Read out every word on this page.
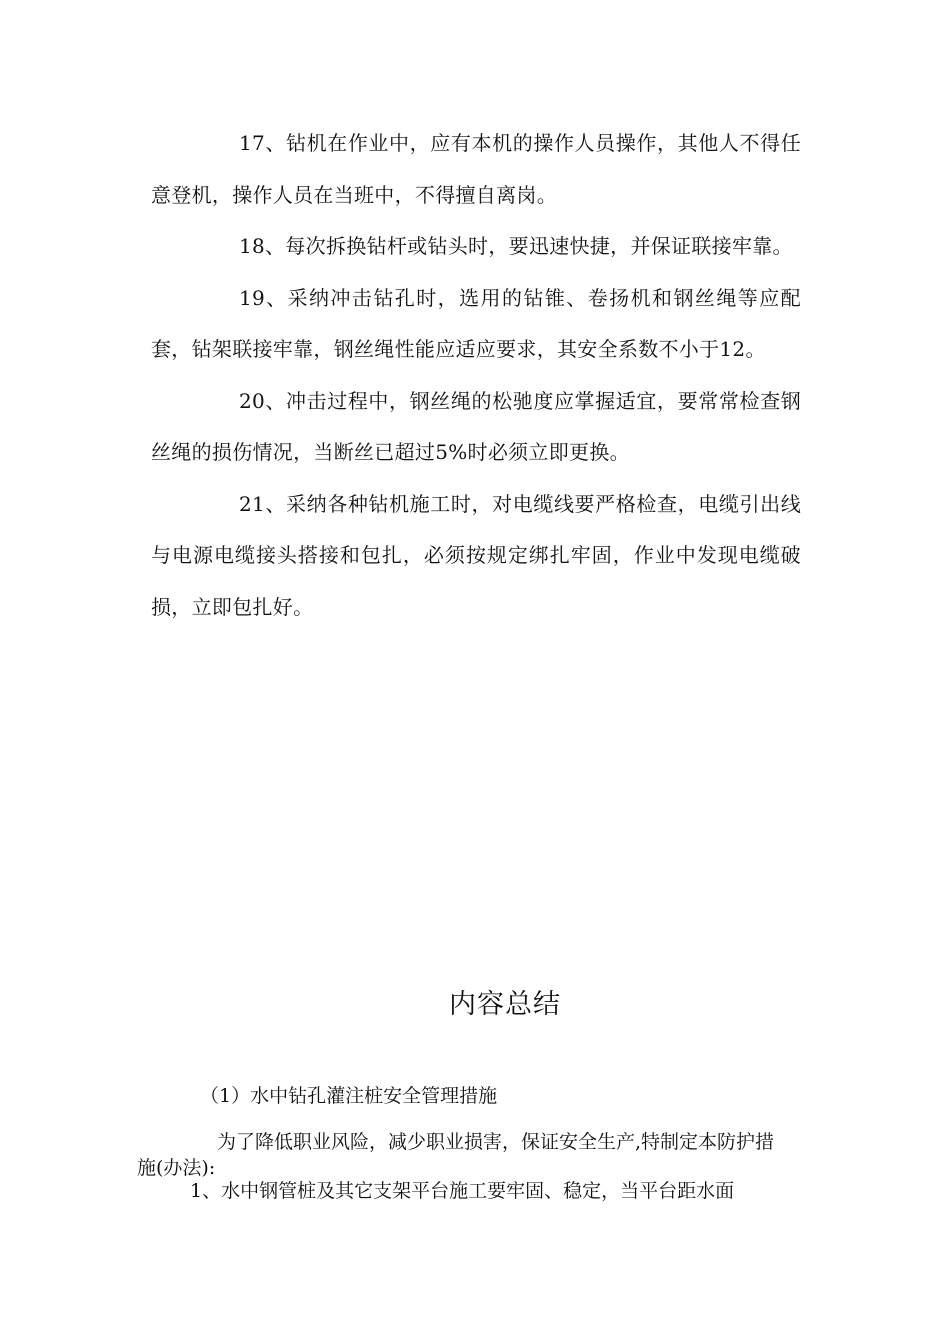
17、钻机在作业中，应有本机的操作人员操作，其他人不得任意登机，操作人员在当班中，不得擅自离岗。

18、每次拆换钻杆或钻头时，要迅速快捷，并保证联接牢靠。

19、采纳冲击钻孔时，选用的钻锥、卷扬机和钢丝绳等应配套，钻架联接牢靠，钢丝绳性能应适应要求，其安全系数不小于12。

20、冲击过程中，钢丝绳的松驰度应掌握适宜，要常常检查钢丝绳的损伤情况，当断丝已超过5%时必须立即更换。

21、采纳各种钻机施工时，对电缆线要严格检查，电缆引出线与电源电缆接头搭接和包扎，必须按规定绑扎牢固，作业中发现电缆破损，立即包扎好。

内容总结

（1）水中钻孔灌注桩安全管理措施

为了降低职业风险，减少职业损害，保证安全生产,特制定本防护措施(办法):

1、水中钢管桩及其它支架平台施工要牢固、稳定，当平台距水面
